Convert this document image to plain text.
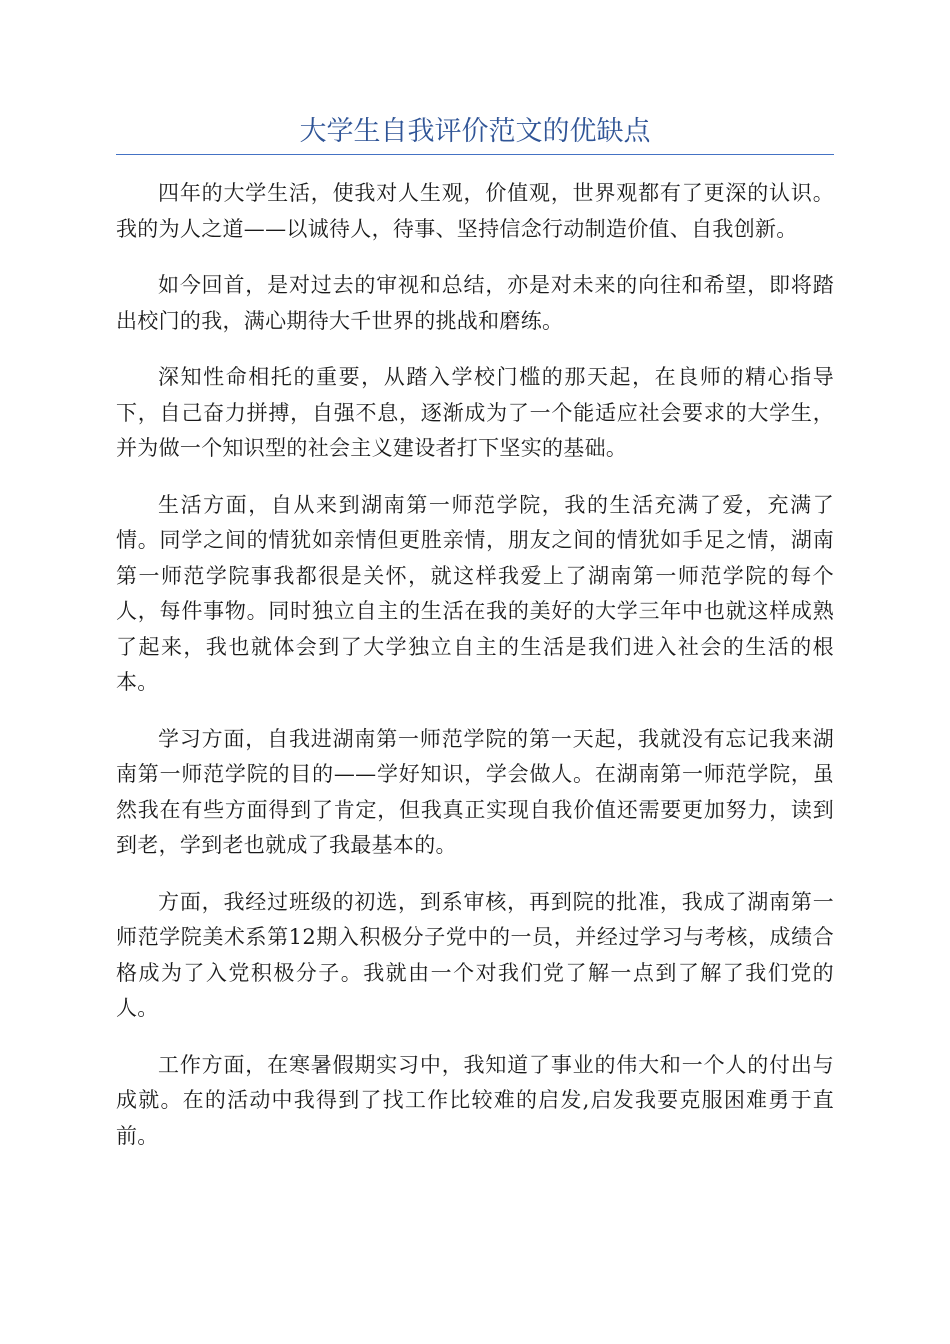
大学生自我评价范文的优缺点

四年的大学生活，使我对人生观，价值观，世界观都有了更深的认识。我的为人之道——以诚待人，待事、坚持信念行动制造价值、自我创新。

如今回首，是对过去的审视和总结，亦是对未来的向往和希望，即将踏出校门的我，满心期待大千世界的挑战和磨练。

深知性命相托的重要，从踏入学校门槛的那天起，在良师的精心指导下，自己奋力拼搏，自强不息，逐渐成为了一个能适应社会要求的大学生，并为做一个知识型的社会主义建设者打下坚实的基础。

生活方面，自从来到湖南第一师范学院，我的生活充满了爱，充满了情。同学之间的情犹如亲情但更胜亲情，朋友之间的情犹如手足之情，湖南第一师范学院事我都很是关怀，就这样我爱上了湖南第一师范学院的每个人，每件事物。同时独立自主的生活在我的美好的大学三年中也就这样成熟了起来，我也就体会到了大学独立自主的生活是我们进入社会的生活的根本。

学习方面，自我进湖南第一师范学院的第一天起，我就没有忘记我来湖南第一师范学院的目的——学好知识，学会做人。在湖南第一师范学院，虽然我在有些方面得到了肯定，但我真正实现自我价值还需要更加努力，读到到老，学到老也就成了我最基本的。

方面，我经过班级的初选，到系审核，再到院的批准，我成了湖南第一师范学院美术系第12期入积极分子党中的一员，并经过学习与考核，成绩合格成为了入党积极分子。我就由一个对我们党了解一点到了解了我们党的人。

工作方面，在寒暑假期实习中，我知道了事业的伟大和一个人的付出与成就。在的活动中我得到了找工作比较难的启发,启发我要克服困难勇于直前。
